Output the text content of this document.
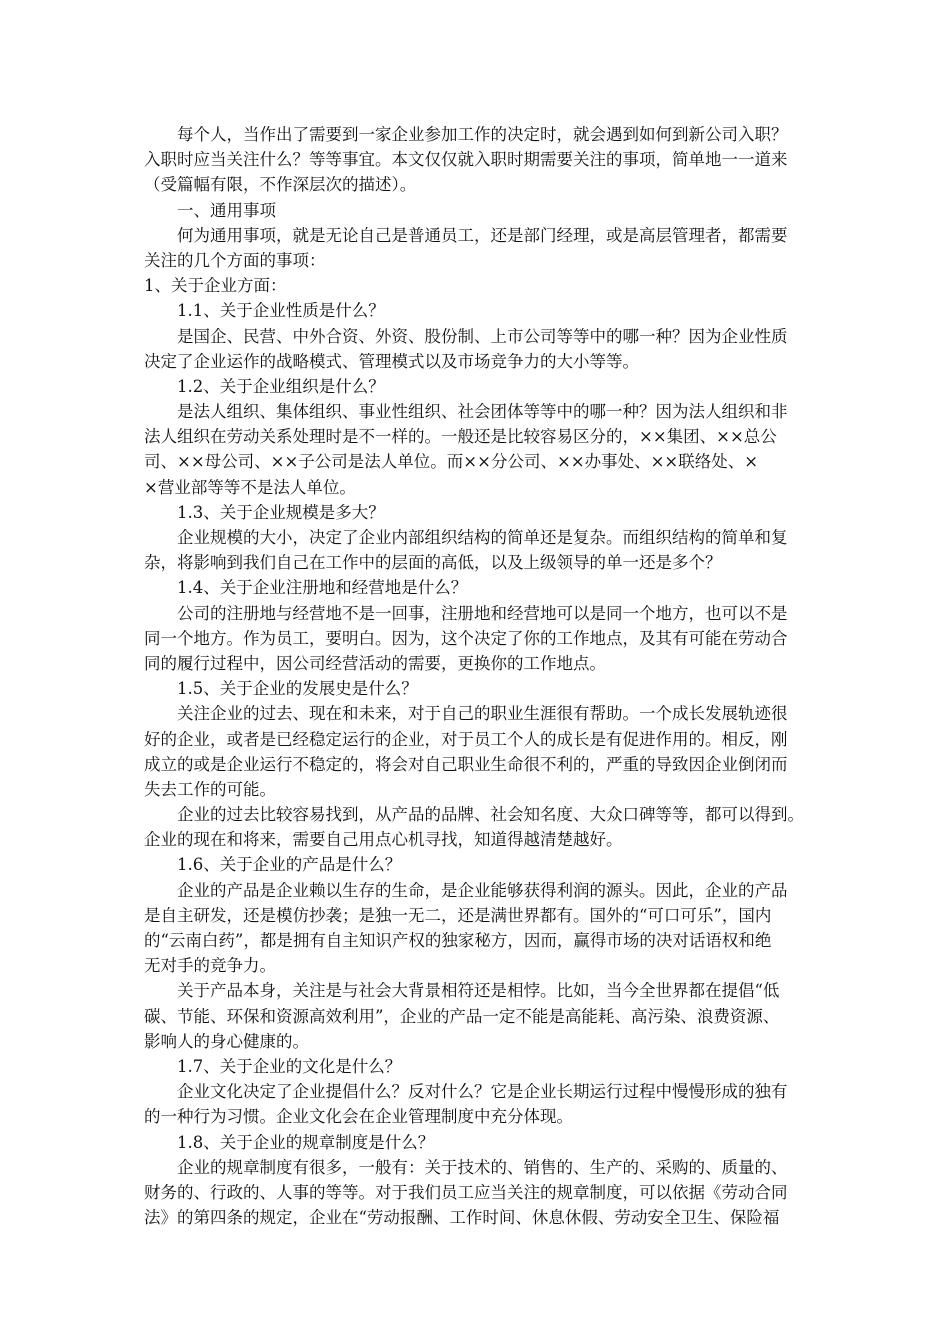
每个人，当作出了需要到一家企业参加工作的决定时，就会遇到如何到新公司入职？
入职时应当关注什么？等等事宜。本文仅仅就入职时期需要关注的事项，简单地一一道来
（受篇幅有限，不作深层次的描述）。
一、通用事项
何为通用事项，就是无论自己是普通员工，还是部门经理，或是高层管理者，都需要
关注的几个方面的事项：
1、关于企业方面：
1.1、关于企业性质是什么？
是国企、民营、中外合资、外资、股份制、上市公司等等中的哪一种？因为企业性质
决定了企业运作的战略模式、管理模式以及市场竞争力的大小等等。
1.2、关于企业组织是什么？
是法人组织、集体组织、事业性组织、社会团体等等中的哪一种？因为法人组织和非
法人组织在劳动关系处理时是不一样的。一般还是比较容易区分的，××集团、××总公
司、××母公司、××子公司是法人单位。而××分公司、××办事处、××联络处、×
×营业部等等不是法人单位。
1.3、关于企业规模是多大？
企业规模的大小，决定了企业内部组织结构的简单还是复杂。而组织结构的简单和复
杂，将影响到我们自己在工作中的层面的高低，以及上级领导的单一还是多个？
1.4、关于企业注册地和经营地是什么？
公司的注册地与经营地不是一回事，注册地和经营地可以是同一个地方，也可以不是
同一个地方。作为员工，要明白。因为，这个决定了你的工作地点，及其有可能在劳动合
同的履行过程中，因公司经营活动的需要，更换你的工作地点。
1.5、关于企业的发展史是什么？
关注企业的过去、现在和未来，对于自己的职业生涯很有帮助。一个成长发展轨迹很
好的企业，或者是已经稳定运行的企业，对于员工个人的成长是有促进作用的。相反，刚
成立的或是企业运行不稳定的，将会对自己职业生命很不利的，严重的导致因企业倒闭而
失去工作的可能。
企业的过去比较容易找到，从产品的品牌、社会知名度、大众口碑等等，都可以得到。
企业的现在和将来，需要自己用点心机寻找，知道得越清楚越好。
1.6、关于企业的产品是什么？
企业的产品是企业赖以生存的生命，是企业能够获得利润的源头。因此，企业的产品
是自主研发，还是模仿抄袭；是独一无二，还是满世界都有。国外的“可口可乐”，国内
的“云南白药”，都是拥有自主知识产权的独家秘方，因而，赢得市场的决对话语权和绝
无对手的竞争力。
关于产品本身，关注是与社会大背景相符还是相悖。比如，当今全世界都在提倡“低
碳、节能、环保和资源高效利用”，企业的产品一定不能是高能耗、高污染、浪费资源、
影响人的身心健康的。
1.7、关于企业的文化是什么？
企业文化决定了企业提倡什么？反对什么？它是企业长期运行过程中慢慢形成的独有
的一种行为习惯。企业文化会在企业管理制度中充分体现。
1.8、关于企业的规章制度是什么？
企业的规章制度有很多，一般有：关于技术的、销售的、生产的、采购的、质量的、
财务的、行政的、人事的等等。对于我们员工应当关注的规章制度，可以依据《劳动合同
法》的第四条的规定，企业在“劳动报酬、工作时间、休息休假、劳动安全卫生、保险福
